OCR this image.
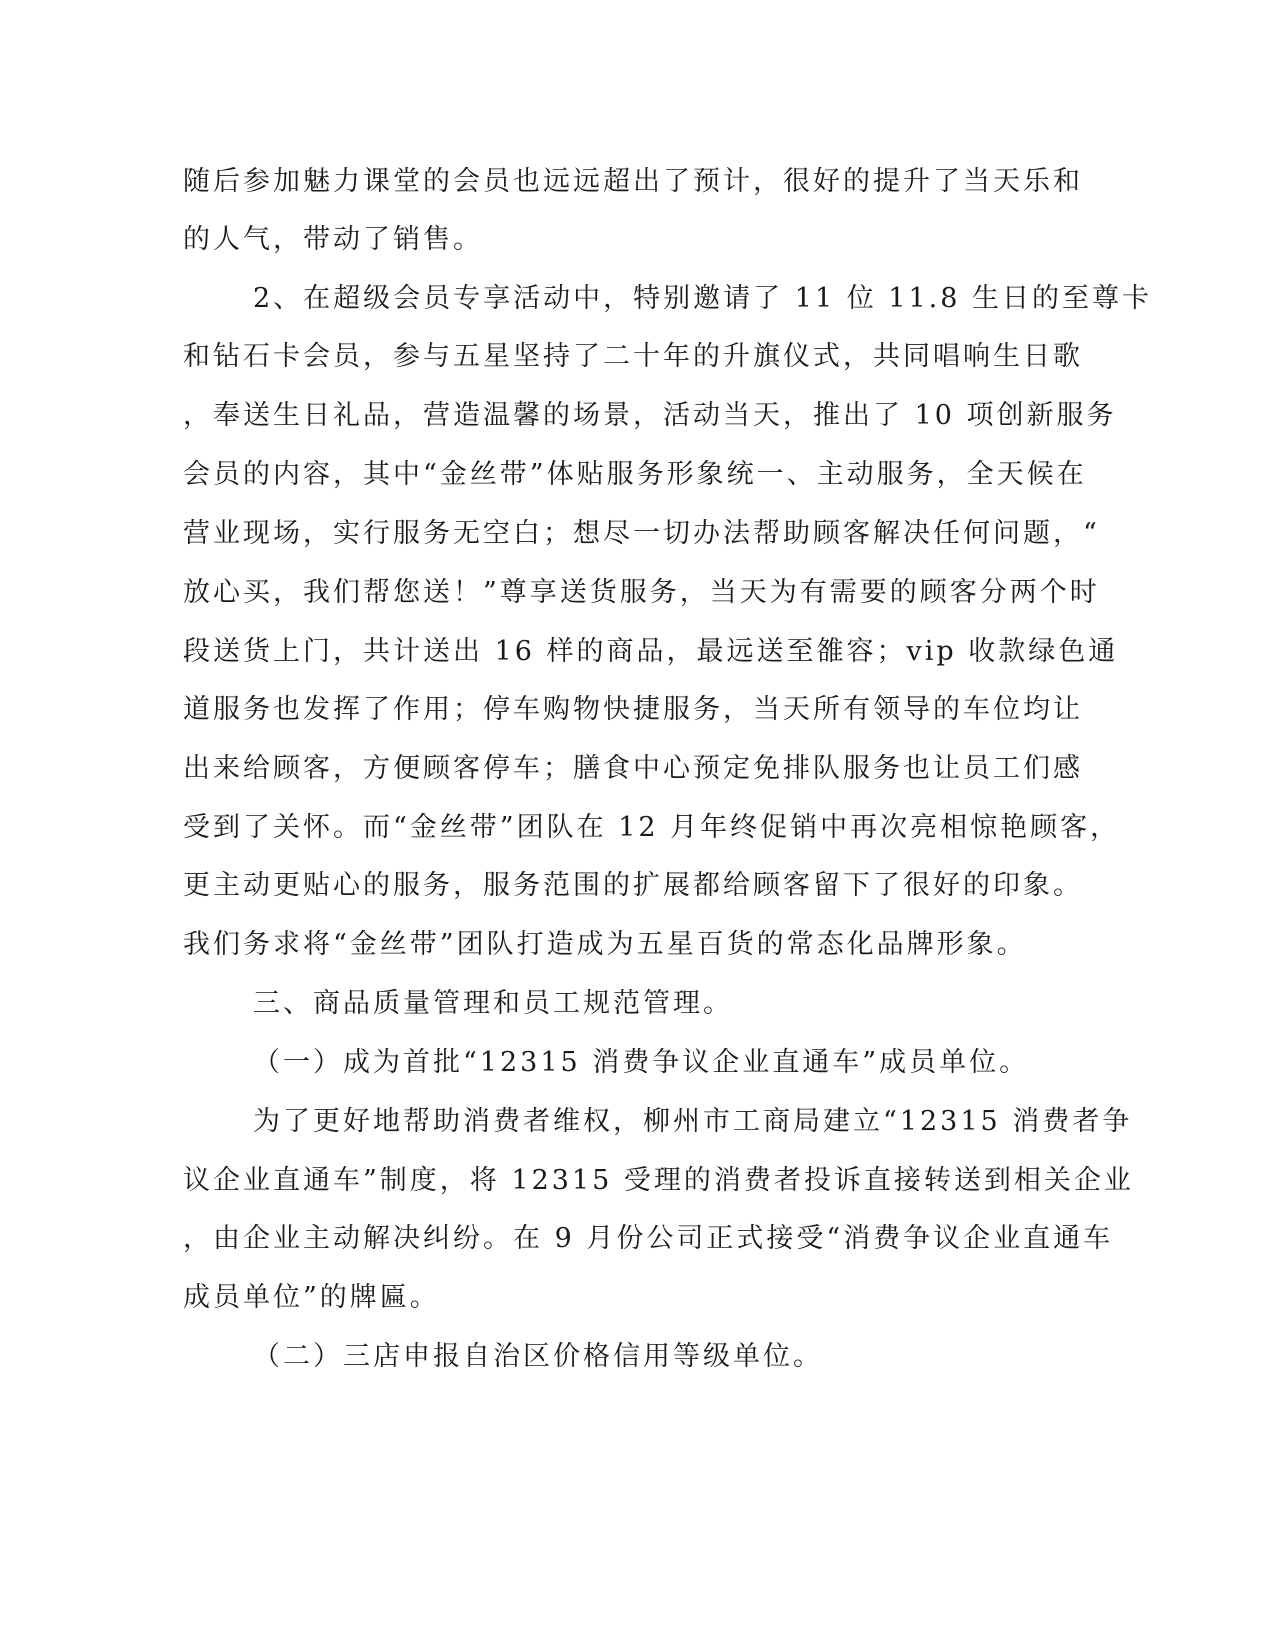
随后参加魅力课堂的会员也远远超出了预计，很好的提升了当天乐和
的人气，带动了销售。
2、在超级会员专享活动中，特别邀请了 11 位 11.8 生日的至尊卡
和钻石卡会员，参与五星坚持了二十年的升旗仪式，共同唱响生日歌
，奉送生日礼品，营造温馨的场景，活动当天，推出了 10 项创新服务
会员的内容，其中“金丝带”体贴服务形象统一、主动服务，全天候在
营业现场，实行服务无空白；想尽一切办法帮助顾客解决任何问题，“
放心买，我们帮您送！”尊享送货服务，当天为有需要的顾客分两个时
段送货上门，共计送出 16 样的商品，最远送至雒容；vip 收款绿色通
道服务也发挥了作用；停车购物快捷服务，当天所有领导的车位均让
出来给顾客，方便顾客停车；膳食中心预定免排队服务也让员工们感
受到了关怀。而“金丝带”团队在 12 月年终促销中再次亮相惊艳顾客，
更主动更贴心的服务，服务范围的扩展都给顾客留下了很好的印象。
我们务求将“金丝带”团队打造成为五星百货的常态化品牌形象。
三、商品质量管理和员工规范管理。
（一）成为首批“12315 消费争议企业直通车”成员单位。
为了更好地帮助消费者维权，柳州市工商局建立“12315 消费者争
议企业直通车”制度，将 12315 受理的消费者投诉直接转送到相关企业
，由企业主动解决纠纷。在 9 月份公司正式接受“消费争议企业直通车
成员单位”的牌匾。
（二）三店申报自治区价格信用等级单位。
